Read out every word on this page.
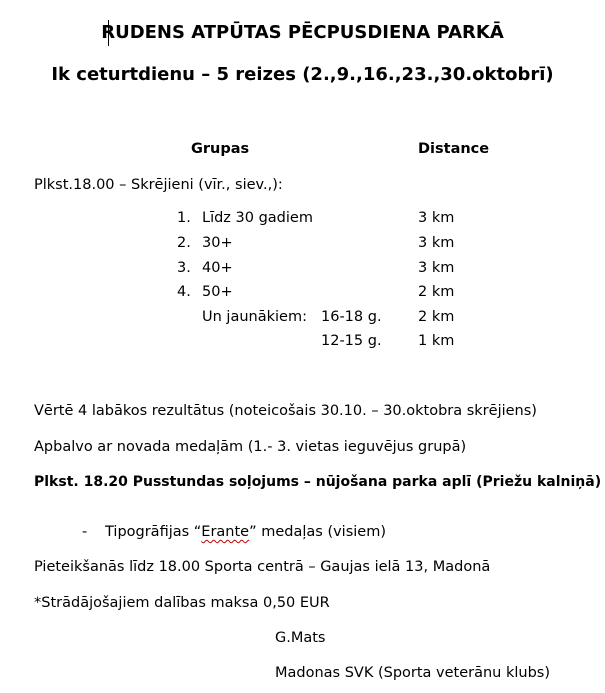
RUDENS ATPŪTAS PĒCPUSDIENA PARKĀ
Ik ceturtdienu – 5 reizes (2.,9.,16.,23.,30.oktobrī)
Grupas	Distance
Plkst.18.00 – Skrējieni (vīr., siev.,):
1. Līdz 30 gadiem	3 km
2. 30+	3 km
3. 40+	3 km
4. 50+	2 km
Un jaunākiem: 16-18 g.	2 km
12-15 g.	1 km
Vērtē 4 labākos rezultātus (noteicošais 30.10. – 30.oktobra skrējiens)
Apbalvo ar novada medaļām (1.- 3. vietas ieguvējus grupā)
Plkst. 18.20 Pusstundas soļojums – nūjošana parka aplī (Priežu kalniņā)
- Tipogrāfijas “Erante” medaļas (visiem)
Pieteikšanās līdz 18.00 Sporta centrā – Gaujas ielā 13, Madonā
*Strādājošajiem dalības maksa 0,50 EUR
G.Mats
Madonas SVK (Sporta veterānu klubs)
